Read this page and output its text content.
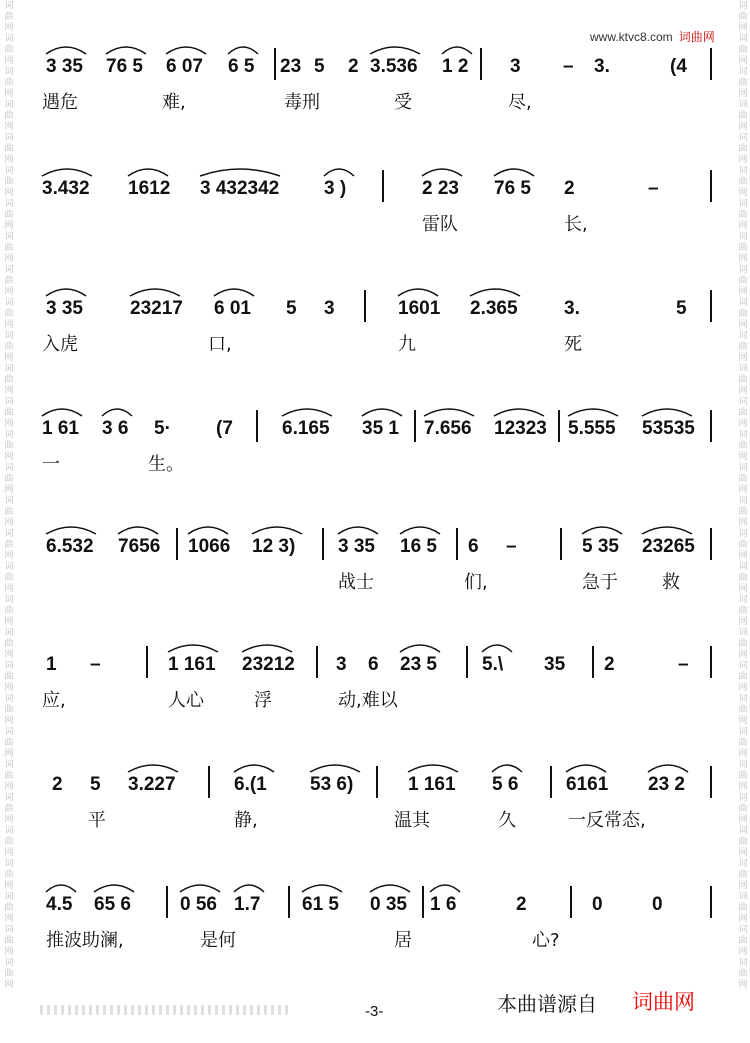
词
曲
网
词
曲
网
词
曲
网
词
曲
网
词
曲
网
词
曲
网
词
曲
网
词
曲
网
词
曲
网
词
曲
网
词
曲
网
词
曲
网
词
曲
网
词
曲
网
词
曲
网
词
曲
网
词
曲
网
词
曲
网
词
曲
网
词
曲
网
词
曲
网
词
曲
网
词
曲
网
词
曲
网
词
曲
网
词
曲
网
词
曲
网
词
曲
网
词
曲
网
词
曲
网
词
曲
网
词
曲
网
词
曲
网
词
曲
网
词
曲
网
词
曲
网
词
曲
网
词
曲
网
词
曲
网
词
曲
网
词
曲
网
词
曲
网
词
曲
网
词
曲
网
词
曲
网
词
曲
网
词
曲
网
词
曲
网
词
曲
网
词
曲
网
词
曲
网
词
曲
网
词
曲
网
词
曲
网
词
曲
网
词
曲
网
词
曲
网
词
曲
网
词
曲
网
词
曲
网
www.ktvc8.com 词曲网
3 35 76 5 6 07 6 5 23 5 2 3.536 1 2 3 – 3.	(4
遇危	难,	毒刑	受	尽,
3.432 1612 3 432342 3 )	2 23 76 5 2	–
雷队	长,
3 35 23217 6 01 5 3	1601 2.365 3.	5
入虎	口,	九	死
1 61 3 6 5· (7	6.165 35 1 7.656 12323 5.555 53535
一	生。
6.532 7656 1066 12 3) 3 35 16 5 6 –	5 35 23265
战士	们,	急于 救
1 –	1 161 23212 3 6 23 5 5.\ 35 2	–
应,	人心	浮	动,难以
2 5 3.227	6.(1 53 6)	1 161 5 6	6161 23 2
平	静,	温其	久	一反常态,
4.5 65 6	0 56 1.7 61 5 0 35 1 6	2	0	0
推波助澜,	是何	居	心?
-3-	本曲谱源自 词曲网
